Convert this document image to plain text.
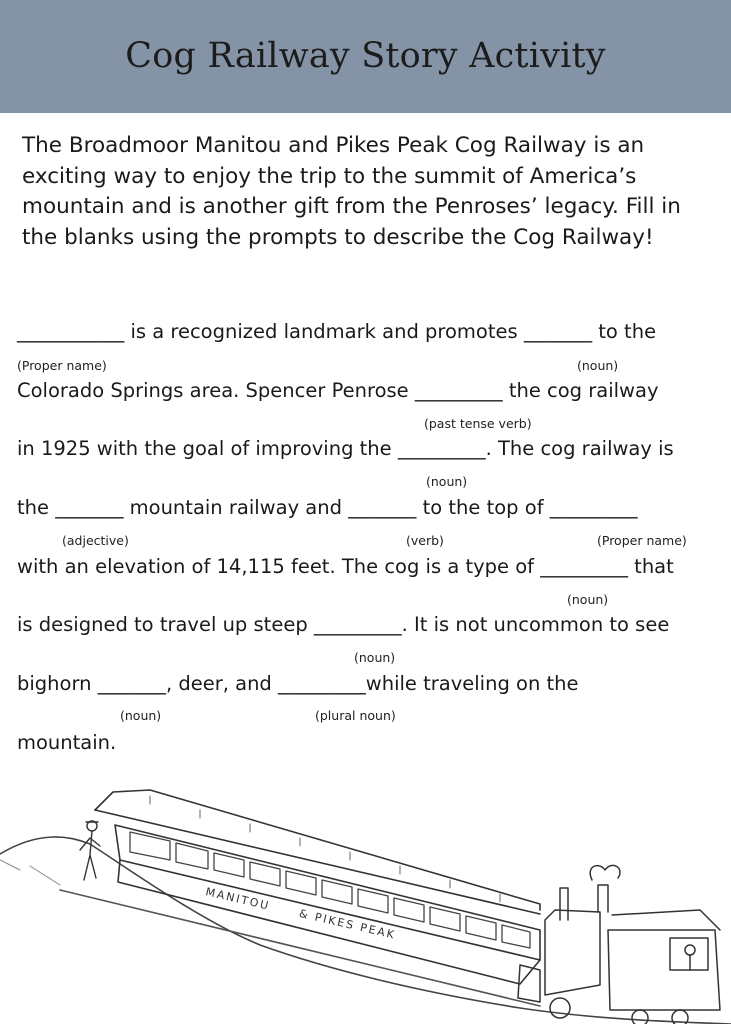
Cog Railway Story Activity
The Broadmoor Manitou and Pikes Peak Cog Railway is an exciting way to enjoy the trip to the summit of America’s mountain and is another gift from the Penroses’ legacy. Fill in the blanks using the prompts to describe the Cog Railway!
___________ is a recognized landmark and promotes _______ to the
(Proper name)	(noun)
Colorado Springs area. Spencer Penrose _________ the cog railway
(past tense verb)
in 1925 with the goal of improving the _________. The cog railway is
(noun)
the _______ mountain railway and _______ to the top of _________
(adjective)	(verb)	(Proper name)
with an elevation of 14,115 feet. The cog is a type of _________ that
(noun)
is designed to travel up steep _________. It is not uncommon to see
(noun)
bighorn _______, deer, and _________while traveling on the
(noun)	(plural noun)
mountain.
MANITOU
& PIKES PEAK
